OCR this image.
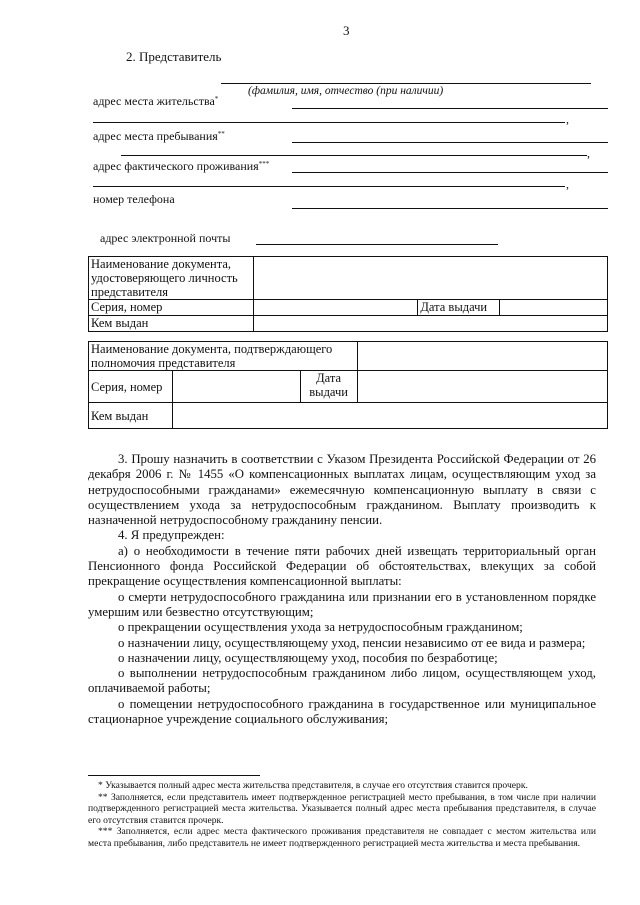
3
2. Представитель
(фамилия, имя, отчество (при наличии)
адрес места жительства*
,
адрес места пребывания**
,
адрес фактического проживания***
,
номер телефона
адрес электронной почты
Наименование документа, удостоверяющего личность представителя			
Серия, номер		Дата выдачи	
Кем выдан			
Наименование документа, подтверждающего полномочия представителя			
Серия, номер		Дата
выдачи	
Кем выдан			

3. Прошу назначить в соответствии с Указом Президента Российской Федерации от 26 декабря 2006 г. № 1455 «О компенсационных выплатах лицам, осуществляющим уход за нетрудоспособными гражданами» ежемесячную компенсационную выплату в связи с осуществлением ухода за нетрудоспособным гражданином. Выплату производить к назначенной нетрудоспособному гражданину пенсии.

4. Я предупрежден:

а) о необходимости в течение пяти рабочих дней извещать территориальный орган Пенсионного фонда Российской Федерации об обстоятельствах, влекущих за собой прекращение осуществления компенсационной выплаты:

о смерти нетрудоспособного гражданина или признании его в установленном порядке умершим или безвестно отсутствующим;

о прекращении осуществления ухода за нетрудоспособным гражданином;

о назначении лицу, осуществляющему уход, пенсии независимо от ее вида и размера;

о назначении лицу, осуществляющему уход, пособия по безработице;

о выполнении нетрудоспособным гражданином либо лицом, осуществляющем уход, оплачиваемой работы;

о помещении нетрудоспособного гражданина в государственное или муниципальное стационарное учреждение социального обслуживания;

* Указывается полный адрес места жительства представителя, в случае его отсутствия ставится прочерк.

** Заполняется, если представитель имеет подтвержденное регистрацией место пребывания, в том числе при наличии подтвержденного регистрацией места жительства. Указывается полный адрес места пребывания представителя, в случае его отсутствия ставится прочерк.

*** Заполняется, если адрес места фактического проживания представителя не совпадает с местом жительства или места пребывания, либо представитель не имеет подтвержденного регистрацией места жительства и места пребывания.
